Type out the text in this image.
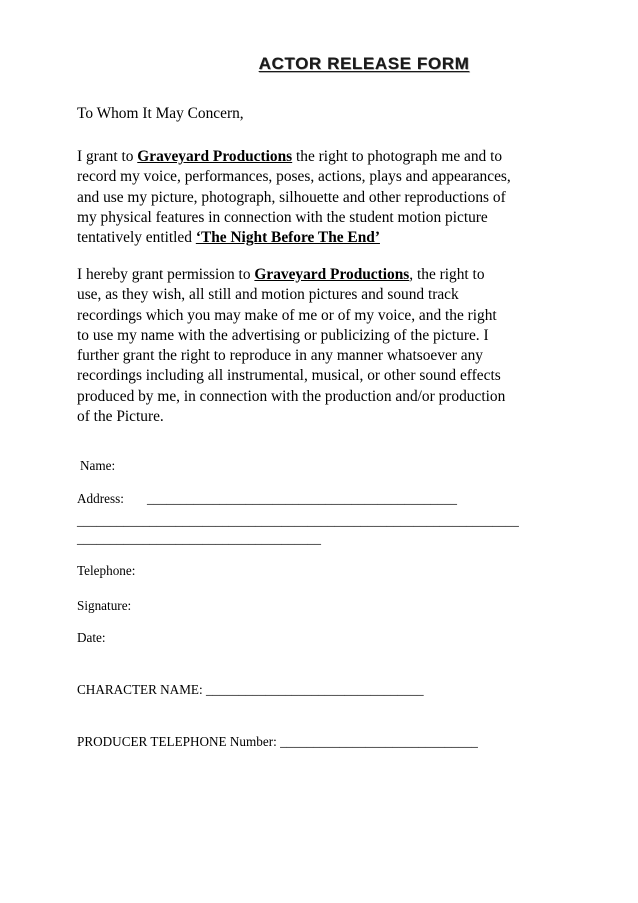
ACTOR RELEASE FORM
To Whom It May Concern,
I grant to Graveyard Productions the right to photograph me and to
record my voice, performances, poses, actions, plays and appearances,
and use my picture, photograph, silhouette and other reproductions of
my physical features in connection with the student motion picture
tentatively entitled ‘The Night Before The End’
I hereby grant permission to Graveyard Productions, the right to
use, as they wish, all still and motion pictures and sound track
recordings which you may make of me or of my voice, and the right
to use my name with the advertising or publicizing of the picture. I
further grant the right to reproduce in any manner whatsoever any
recordings including all instrumental, musical, or other sound effects
produced by me, in connection with the production and/or production
of the Picture.
Name:
Address: _______________________________________________
___________________________________________________________________
_____________________________________
Telephone:
Signature:
Date:
CHARACTER NAME: _________________________________
PRODUCER TELEPHONE Number: ______________________________
